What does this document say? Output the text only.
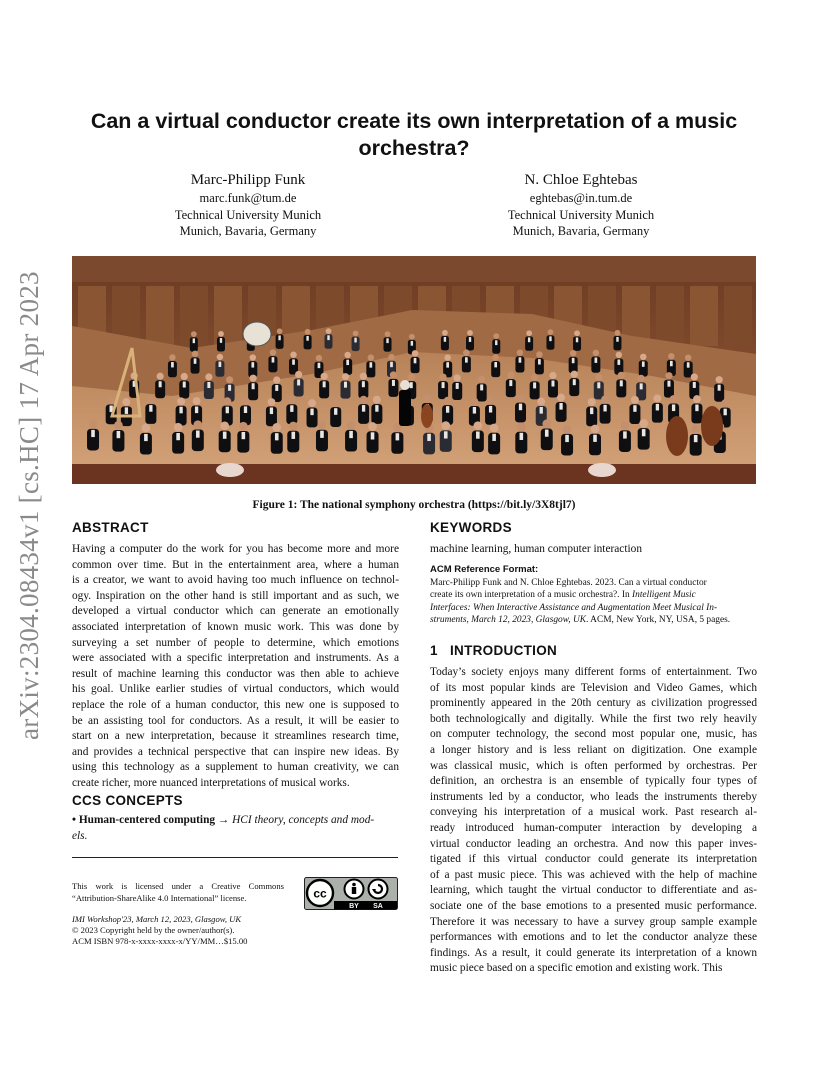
arXiv:2304.08434v1 [cs.HC] 17 Apr 2023
Can a virtual conductor create its own interpretation of a music
orchestra?
Marc-Philipp Funk
marc.funk@tum.de
Technical University Munich
Munich, Bavaria, Germany
N. Chloe Eghtebas
eghtebas@in.tum.de
Technical University Munich
Munich, Bavaria, Germany
Figure 1: The national symphony orchestra (https://bit.ly/3X8tjl7)
ABSTRACT
Having a computer do the work for you has become more and more
common over time. But in the entertainment area, where a human
is a creator, we want to avoid having too much influence on technol-
ogy. Inspiration on the other hand is still important and as such, we
developed a virtual conductor which can generate an emotionally
associated interpretation of known music work. This was done by
surveying a set number of people to determine, which emotions
were associated with a specific interpretation and instruments. As a
result of machine learning this conductor was then able to achieve
his goal. Unlike earlier studies of virtual conductors, which would
replace the role of a human conductor, this new one is supposed to
be an assisting tool for conductors. As a result, it will be easier to
start on a new interpretation, because it streamlines research time,
and provides a technical perspective that can inspire new ideas. By
using this technology as a supplement to human creativity, we can
create richer, more nuanced interpretations of musical works.
CCS CONCEPTS
• Human-centered computing → HCI theory, concepts and mod-
els.
This work is licensed under a Creative Commons “Attribution-ShareAlike 4.0 International” license.	cc
BY SA
IMI Workshop'23, March 12, 2023, Glasgow, UK
© 2023 Copyright held by the owner/author(s).
ACM ISBN 978-x-xxxx-xxxx-x/YY/MM…$15.00
KEYWORDS
machine learning, human computer interaction
ACM Reference Format:
Marc-Philipp Funk and N. Chloe Eghtebas. 2023. Can a virtual conductor
create its own interpretation of a music orchestra?. In Intelligent Music
Interfaces: When Interactive Assistance and Augmentation Meet Musical In-
struments, March 12, 2023, Glasgow, UK. ACM, New York, NY, USA, 5 pages.
1 INTRODUCTION
Today’s society enjoys many different forms of entertainment. Two
of its most popular kinds are Television and Video Games, which
prominently appeared in the 20th century as civilization progressed
both technologically and digitally. While the first two rely heavily
on computer technology, the second most popular one, music, has
a longer history and is less reliant on digitization. One example
was classical music, which is often performed by orchestras. Per
definition, an orchestra is an ensemble of typically four types of
instruments led by a conductor, who leads the instruments thereby
conveying his interpretation of a musical work. Past research al-
ready introduced human-computer interaction by developing a
virtual conductor leading an orchestra. And now this paper inves-
tigated if this virtual conductor could generate its interpretation
of a past music piece. This was achieved with the help of machine
learning, which taught the virtual conductor to differentiate and as-
sociate one of the base emotions to a presented music performance.
Therefore it was necessary to have a survey group sample example
performances with emotions and to let the conductor analyze these
findings. As a result, it could generate its interpretation of a known
music piece based on a specific emotion and existing work. This
